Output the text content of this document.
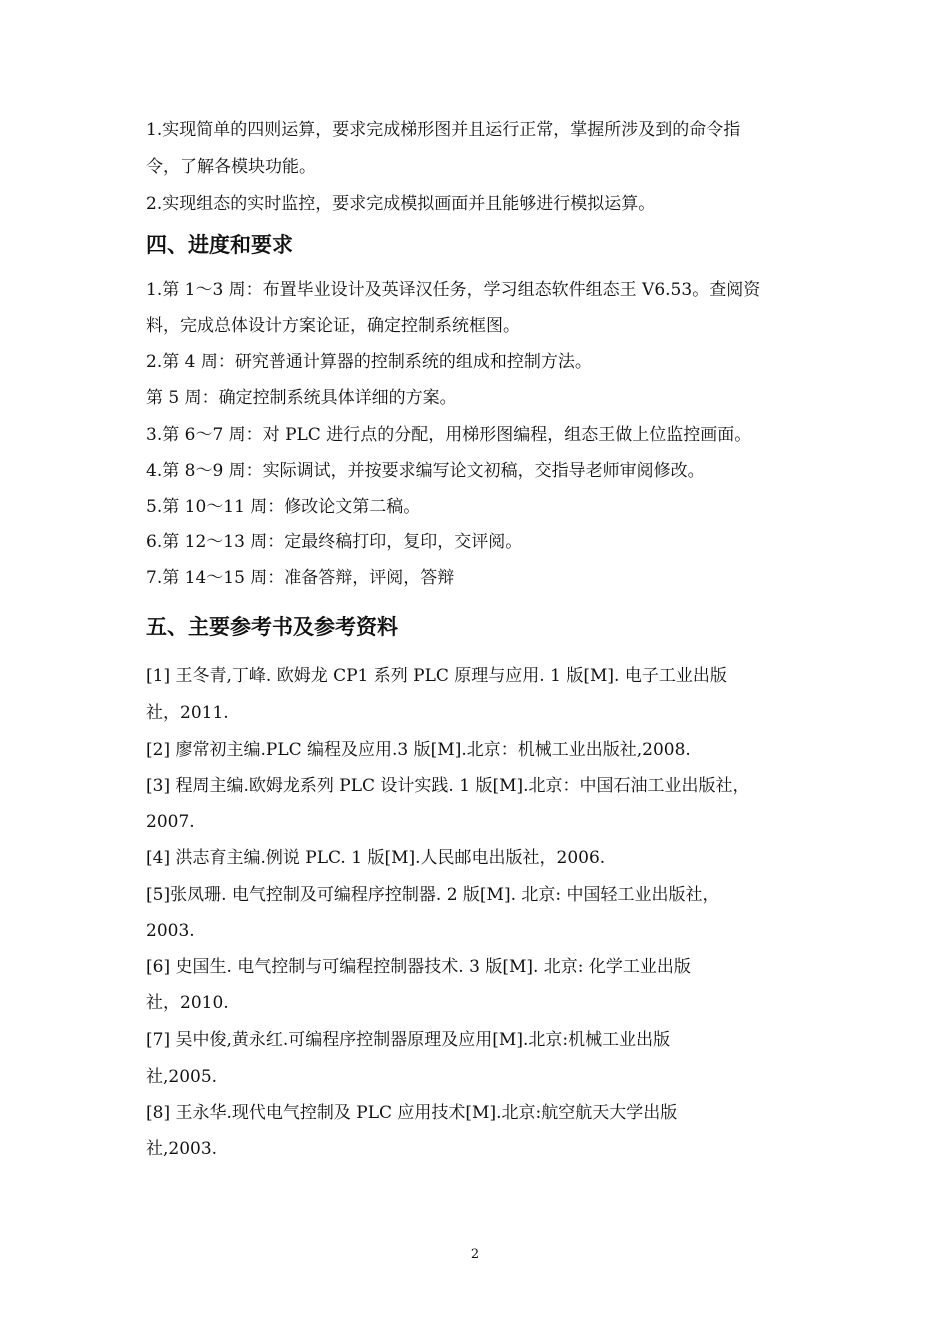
1.实现简单的四则运算，要求完成梯形图并且运行正常，掌握所涉及到的命令指
令，了解各模块功能。
2.实现组态的实时监控，要求完成模拟画面并且能够进行模拟运算。
四、进度和要求
1.第 1～3 周：布置毕业设计及英译汉任务，学习组态软件组态王 V6.53。查阅资
料，完成总体设计方案论证，确定控制系统框图。
2.第 4 周：研究普通计算器的控制系统的组成和控制方法。
第 5 周：确定控制系统具体详细的方案。
3.第 6～7 周：对 PLC 进行点的分配，用梯形图编程，组态王做上位监控画面。
4.第 8～9 周：实际调试，并按要求编写论文初稿，交指导老师审阅修改。
5.第 10～11 周：修改论文第二稿。
6.第 12～13 周：定最终稿打印，复印，交评阅。
7.第 14～15 周：准备答辩，评阅，答辩
五、主要参考书及参考资料
[1] 王冬青,丁峰. 欧姆龙 CP1 系列 PLC 原理与应用. 1 版[M]. 电子工业出版
社，2011.
[2] 廖常初主编.PLC 编程及应用.3 版[M].北京：机械工业出版社,2008.
[3] 程周主编.欧姆龙系列 PLC 设计实践. 1 版[M].北京：中国石油工业出版社，
2007.
[4] 洪志育主编.例说 PLC. 1 版[M].人民邮电出版社，2006.
[5]张凤珊. 电气控制及可编程序控制器. 2 版[M]. 北京: 中国轻工业出版社，
2003.
[6] 史国生. 电气控制与可编程控制器技术. 3 版[M]. 北京: 化学工业出版
社，2010.
[7] 吴中俊,黄永红.可编程序控制器原理及应用[M].北京:机械工业出版
社,2005.
[8] 王永华.现代电气控制及 PLC 应用技术[M].北京:航空航天大学出版
社,2003.
2
